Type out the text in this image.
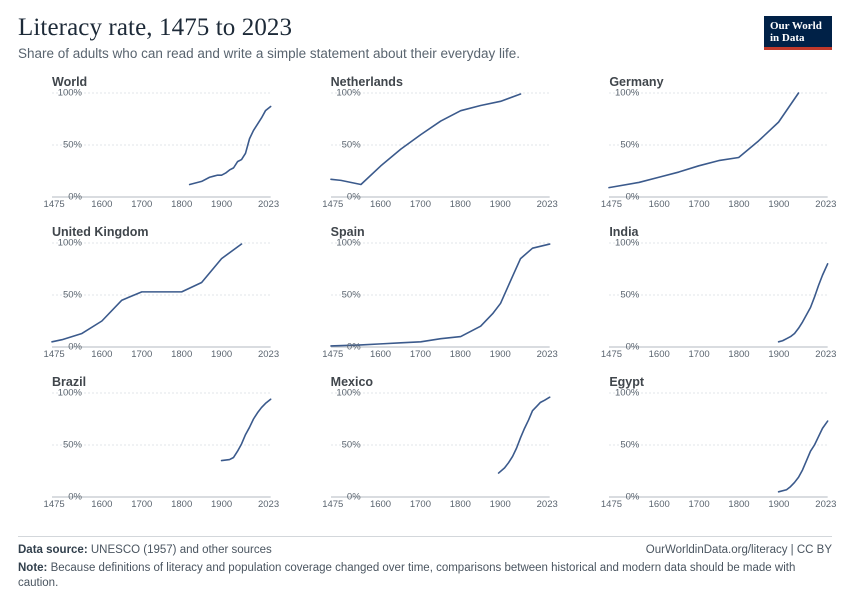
Literacy rate, 1475 to 2023

Share of adults who can read and write a simple statement about their everyday life.

Our World
in Data
World
0%
50%
100%
1475	1600 1700 1800 1900	2023
Netherlands
0%
50%
100%
1475	1600 1700 1800 1900	2023
Germany
0%
50%
100%
1475	1600 1700 1800 1900	2023
United Kingdom
0%
50%
100%
1475	1600 1700 1800 1900	2023
Spain
0%
50%
100%
1475	1600 1700 1800 1900	2023
India
0%
50%
100%
1475	1600 1700 1800 1900	2023
Brazil
0%
50%
100%
1475	1600 1700 1800 1900	2023
Mexico
0%
50%
100%
1475	1600 1700 1800 1900	2023
Egypt
0%
50%
100%
1475	1600 1700 1800 1900	2023
Data source: UNESCO (1957) and other sources	OurWorldinData.org/literacy | CC BY
Note: Because definitions of literacy and population coverage changed over time, comparisons between historical and modern data should be made with caution.
